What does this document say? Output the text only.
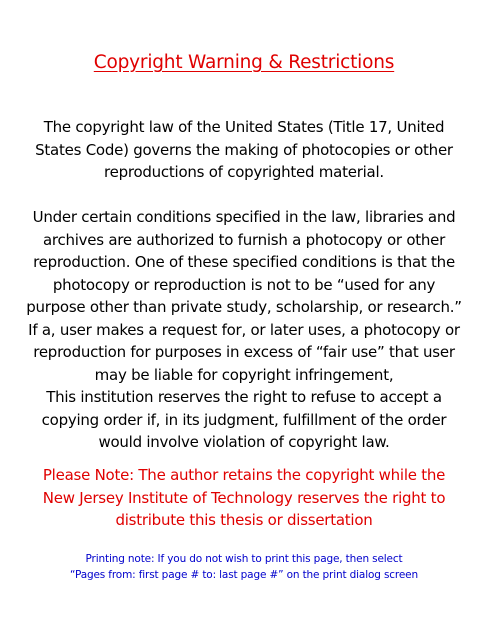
Copyright Warning & Restrictions
The copyright law of the United States (Title 17, United
States Code) governs the making of photocopies or other
reproductions of copyrighted material.
Under certain conditions specified in the law, libraries and
archives are authorized to furnish a photocopy or other
reproduction. One of these specified conditions is that the
photocopy or reproduction is not to be “used for any
purpose other than private study, scholarship, or research.”
If a, user makes a request for, or later uses, a photocopy or
reproduction for purposes in excess of “fair use” that user
may be liable for copyright infringement,
This institution reserves the right to refuse to accept a
copying order if, in its judgment, fulfillment of the order
would involve violation of copyright law.
Please Note: The author retains the copyright while the
New Jersey Institute of Technology reserves the right to
distribute this thesis or dissertation
Printing note: If you do not wish to print this page, then select
“Pages from: first page # to: last page #” on the print dialog screen
